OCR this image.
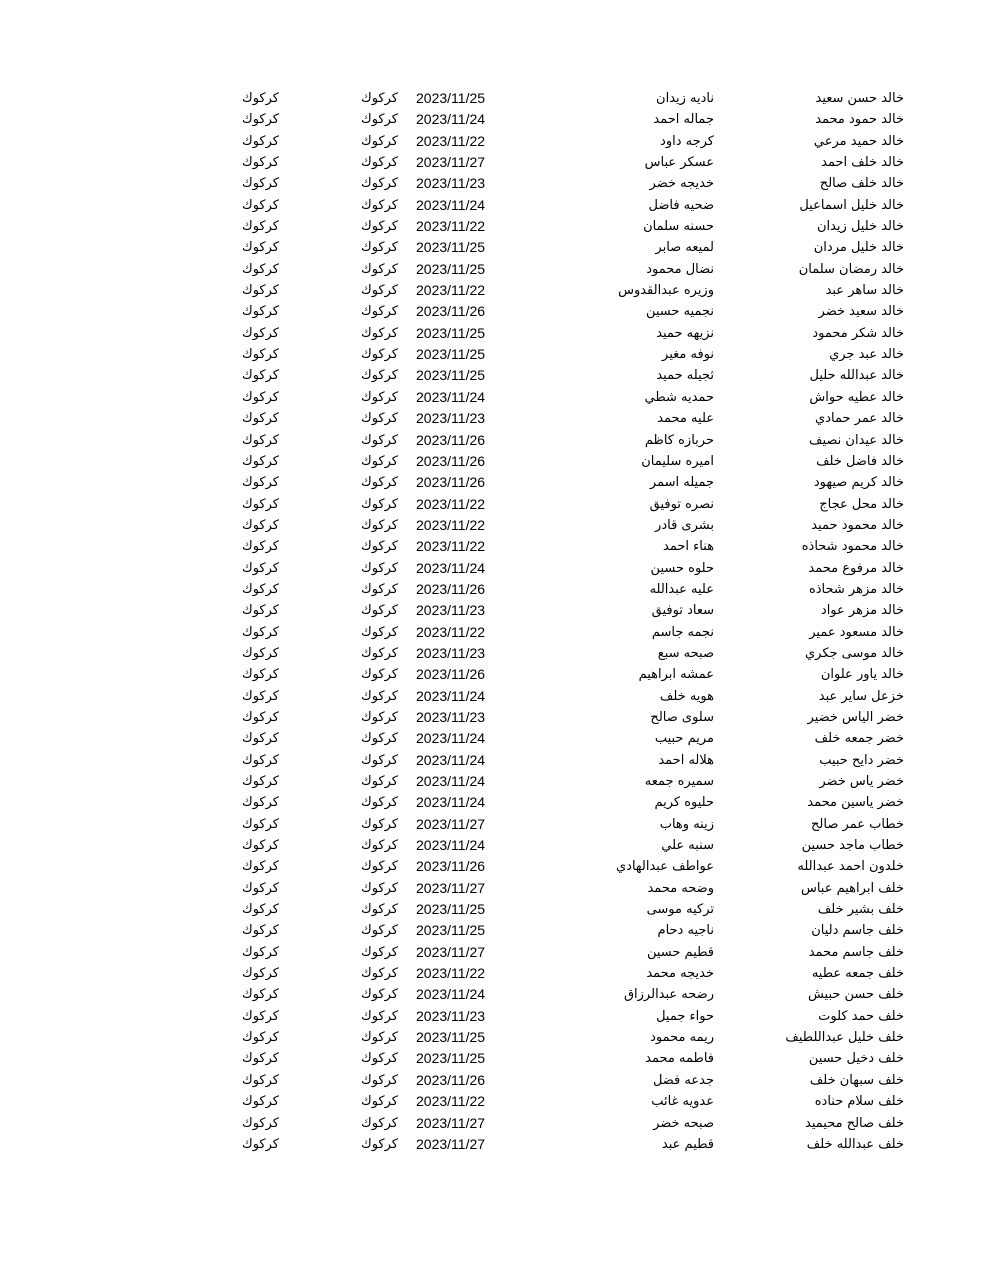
خالد حسن سعيد
ناديه زيدان
2023/11/25
كركوك
كركوك
خالد حمود محمد
جماله احمد
2023/11/24
كركوك
كركوك
خالد حميد مرعي
كرجه داود
2023/11/22
كركوك
كركوك
خالد خلف احمد
عسكر عباس
2023/11/27
كركوك
كركوك
خالد خلف صالح
خديجه خضر
2023/11/23
كركوك
كركوك
خالد خليل اسماعيل
ضحيه فاضل
2023/11/24
كركوك
كركوك
خالد خليل زيدان
حسنه سلمان
2023/11/22
كركوك
كركوك
خالد خليل مردان
لميعه صابر
2023/11/25
كركوك
كركوك
خالد رمضان سلمان
نضال محمود
2023/11/25
كركوك
كركوك
خالد ساهر عبد
وزيره عبدالقدوس
2023/11/22
كركوك
كركوك
خالد سعيد خضر
نجميه حسين
2023/11/26
كركوك
كركوك
خالد شكر محمود
نزيهه حميد
2023/11/25
كركوك
كركوك
خالد عبد جري
نوفه مغير
2023/11/25
كركوك
كركوك
خالد عبدالله حليل
ثجيله حميد
2023/11/25
كركوك
كركوك
خالد عطيه حواش
حمديه شطي
2023/11/24
كركوك
كركوك
خالد عمر حمادي
عليه محمد
2023/11/23
كركوك
كركوك
خالد عيدان نصيف
حربازه كاظم
2023/11/26
كركوك
كركوك
خالد فاضل خلف
اميره سليمان
2023/11/26
كركوك
كركوك
خالد كريم صيهود
جميله اسمر
2023/11/26
كركوك
كركوك
خالد محل عجاج
نصره توفيق
2023/11/22
كركوك
كركوك
خالد محمود حميد
بشرى قادر
2023/11/22
كركوك
كركوك
خالد محمود شحاذه
هناء احمد
2023/11/22
كركوك
كركوك
خالد مرفوع محمد
حلوه حسين
2023/11/24
كركوك
كركوك
خالد مزهر شحاذه
عليه عبدالله
2023/11/26
كركوك
كركوك
خالد مزهر عواد
سعاد توفيق
2023/11/23
كركوك
كركوك
خالد مسعود عمير
نجمه جاسم
2023/11/22
كركوك
كركوك
خالد موسى جكري
صبحه سبع
2023/11/23
كركوك
كركوك
خالد ياور علوان
عمشه ابراهيم
2023/11/26
كركوك
كركوك
خزعل ساير عبد
هويه خلف
2023/11/24
كركوك
كركوك
خضر الياس خضير
سلوى صالح
2023/11/23
كركوك
كركوك
خضر جمعه خلف
مريم حبيب
2023/11/24
كركوك
كركوك
خضر دايح حبيب
هلاله احمد
2023/11/24
كركوك
كركوك
خضر ياس خضر
سميره جمعه
2023/11/24
كركوك
كركوك
خضر ياسين محمد
حليوه كريم
2023/11/24
كركوك
كركوك
خطاب عمر صالح
زينه وهاب
2023/11/27
كركوك
كركوك
خطاب ماجد حسين
سنبه علي
2023/11/24
كركوك
كركوك
خلدون احمد عبدالله
عواطف عبدالهادي
2023/11/26
كركوك
كركوك
خلف ابراهيم عباس
وضحه محمد
2023/11/27
كركوك
كركوك
خلف بشير خلف
تركيه موسى
2023/11/25
كركوك
كركوك
خلف جاسم دليان
ناجيه دحام
2023/11/25
كركوك
كركوك
خلف جاسم محمد
قطيم حسين
2023/11/27
كركوك
كركوك
خلف جمعه عطيه
خديجه محمد
2023/11/22
كركوك
كركوك
خلف حسن حبيش
رضحه عبدالرزاق
2023/11/24
كركوك
كركوك
خلف حمد كلوت
حواء جميل
2023/11/23
كركوك
كركوك
خلف خليل عبداللطيف
ريمه محمود
2023/11/25
كركوك
كركوك
خلف دخيل حسين
فاطمه محمد
2023/11/25
كركوك
كركوك
خلف سبهان خلف
جدعه فضل
2023/11/26
كركوك
كركوك
خلف سلام حناده
عدويه غائب
2023/11/22
كركوك
كركوك
خلف صالح محيميد
صبحه خضر
2023/11/27
كركوك
كركوك
خلف عبدالله خلف
قطيم عبد
2023/11/27
كركوك
كركوك
